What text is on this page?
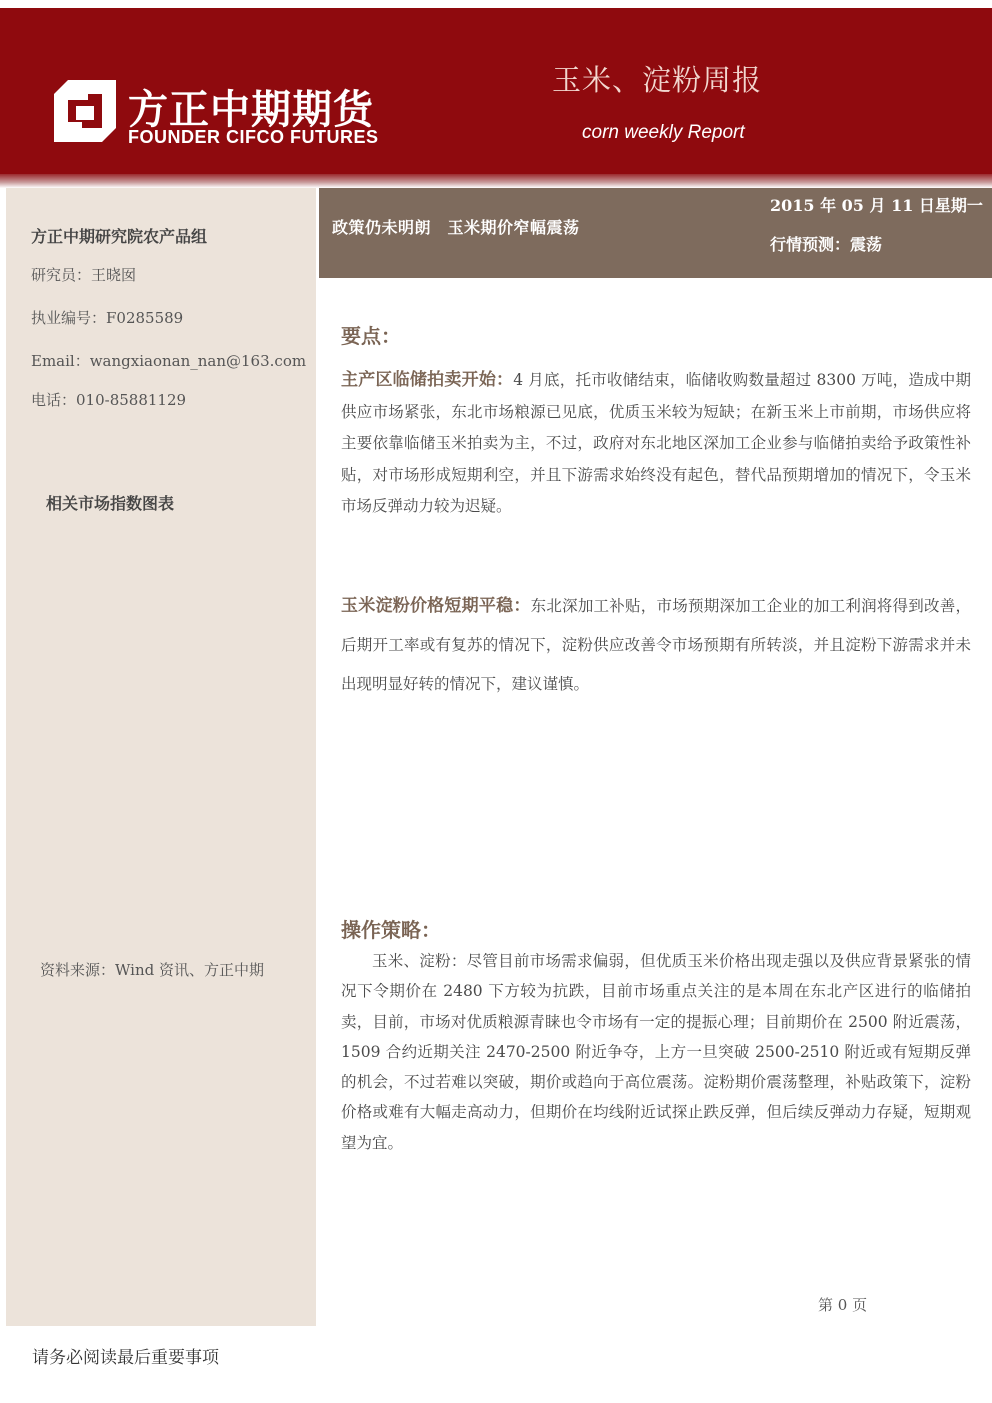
方正中期期货
FOUNDER CIFCO FUTURES
玉米、淀粉周报
corn weekly Report
方正中期研究院农产品组
研究员：王晓囡
执业编号：F0285589
Email：wangxiaonan_nan@163.com
电话：010-85881129
相关市场指数图表
资料来源：Wind 资讯、方正中期
政策仍未明朗　玉米期价窄幅震荡
2015 年 05 月 11 日星期一
行情预测：震荡
要点：
主产区临储拍卖开始：4 月底，托市收储结束，临储收购数量超过 8300 万吨，造成中期供应市场紧张，东北市场粮源已见底，优质玉米较为短缺；在新玉米上市前期，市场供应将主要依靠临储玉米拍卖为主，不过，政府对东北地区深加工企业参与临储拍卖给予政策性补贴，对市场形成短期利空，并且下游需求始终没有起色，替代品预期增加的情况下，令玉米市场反弹动力较为迟疑。
玉米淀粉价格短期平稳：东北深加工补贴，市场预期深加工企业的加工利润将得到改善，后期开工率或有复苏的情况下，淀粉供应改善令市场预期有所转淡，并且淀粉下游需求并未出现明显好转的情况下，建议谨慎。
操作策略：
玉米、淀粉：尽管目前市场需求偏弱，但优质玉米价格出现走强以及供应背景紧张的情况下令期价在 2480 下方较为抗跌，目前市场重点关注的是本周在东北产区进行的临储拍卖，目前，市场对优质粮源青睐也令市场有一定的提振心理；目前期价在 2500 附近震荡，1509 合约近期关注 2470-2500 附近争夺，上方一旦突破 2500-2510 附近或有短期反弹的机会，不过若难以突破，期价或趋向于高位震荡。淀粉期价震荡整理，补贴政策下，淀粉价格或难有大幅走高动力，但期价在均线附近试探止跌反弹，但后续反弹动力存疑，短期观望为宜。
第 0 页
请务必阅读最后重要事项
